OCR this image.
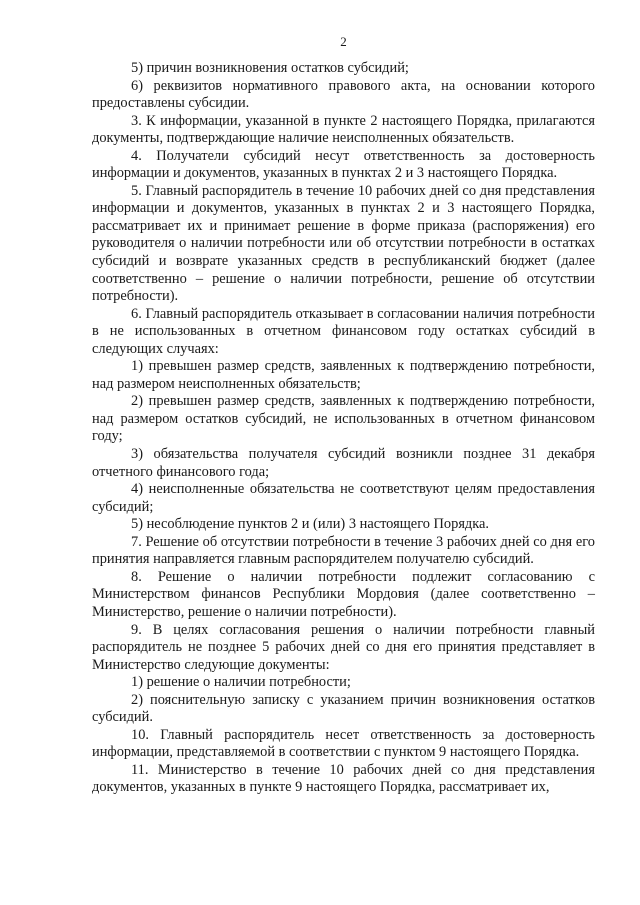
2

5) причин возникновения остатков субсидий;

6) реквизитов нормативного правового акта, на основании которого предоставлены субсидии.

3. К информации, указанной в пункте 2 настоящего Порядка, прилагаются документы, подтверждающие наличие неисполненных обязательств.

4. Получатели субсидий несут ответственность за достоверность информации и документов, указанных в пунктах 2 и 3 настоящего Порядка.

5. Главный распорядитель в течение 10 рабочих дней со дня представления информации и документов, указанных в пунктах 2 и 3 настоящего Порядка, рассматривает их и принимает решение в форме приказа (распоряжения) его руководителя о наличии потребности или об отсутствии потребности в остатках субсидий и возврате указанных средств в республиканский бюджет (далее соответственно – решение о наличии потребности, решение об отсутствии потребности).

6. Главный распорядитель отказывает в согласовании наличия потребности в не использованных в отчетном финансовом году остатках субсидий в следующих случаях:

1) превышен размер средств, заявленных к подтверждению потребности, над размером неисполненных обязательств;

2) превышен размер средств, заявленных к подтверждению потребности, над размером остатков субсидий, не использованных в отчетном финансовом году;

3) обязательства получателя субсидий возникли позднее 31 декабря отчетного финансового года;

4) неисполненные обязательства не соответствуют целям предоставления субсидий;

5) несоблюдение пунктов 2 и (или) 3 настоящего Порядка.

7. Решение об отсутствии потребности в течение 3 рабочих дней со дня его принятия направляется главным распорядителем получателю субсидий.

8. Решение о наличии потребности подлежит согласованию с Министерством финансов Республики Мордовия (далее соответственно – Министерство, решение о наличии потребности).

9. В целях согласования решения о наличии потребности главный распорядитель не позднее 5 рабочих дней со дня его принятия представляет в Министерство следующие документы:

1) решение о наличии потребности;

2) пояснительную записку с указанием причин возникновения остатков субсидий.

10. Главный распорядитель несет ответственность за достоверность информации, представляемой в соответствии с пунктом 9 настоящего Порядка.

11. Министерство в течение 10 рабочих дней со дня представления документов, указанных в пункте 9 настоящего Порядка, рассматривает их,
